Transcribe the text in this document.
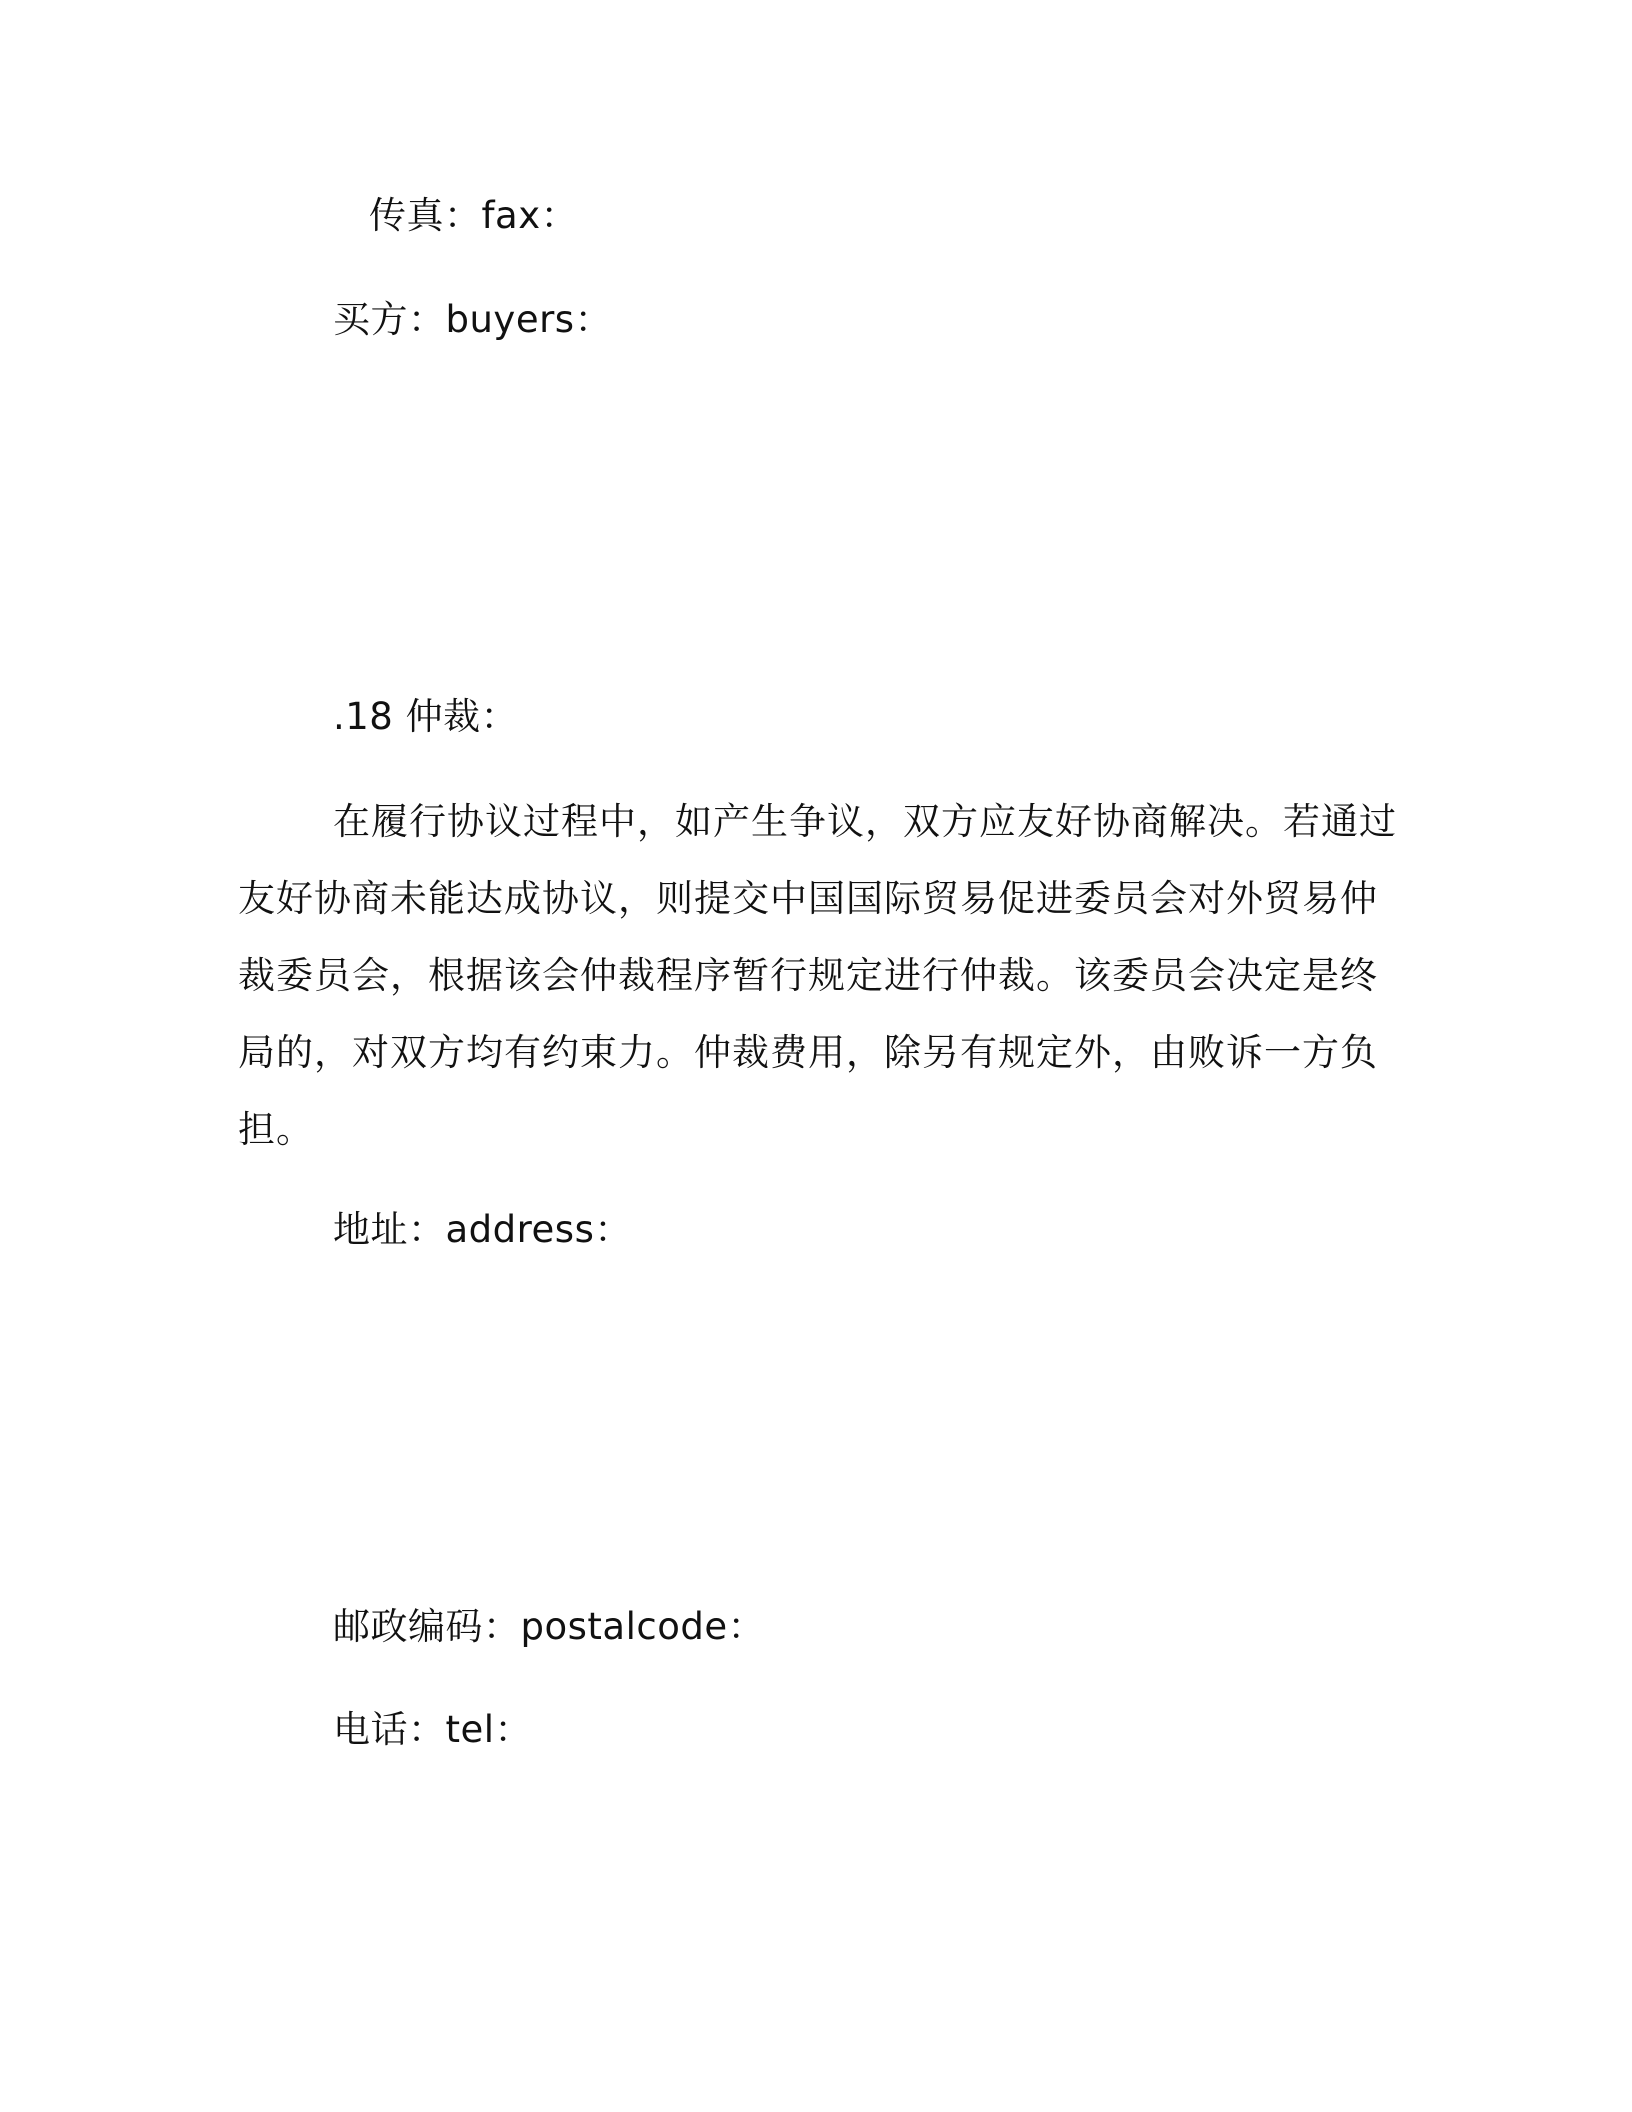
传真：fax：

买方：buyers：

.18 仲裁：

在履行协议过程中，如产生争议，双方应友好协商解决。若通过
友好协商未能达成协议，则提交中国国际贸易促进委员会对外贸易仲
裁委员会，根据该会仲裁程序暂行规定进行仲裁。该委员会决定是终
局的，对双方均有约束力。仲裁费用，除另有规定外，由败诉一方负
担。

地址：address：

邮政编码：postalcode：

电话：tel：
